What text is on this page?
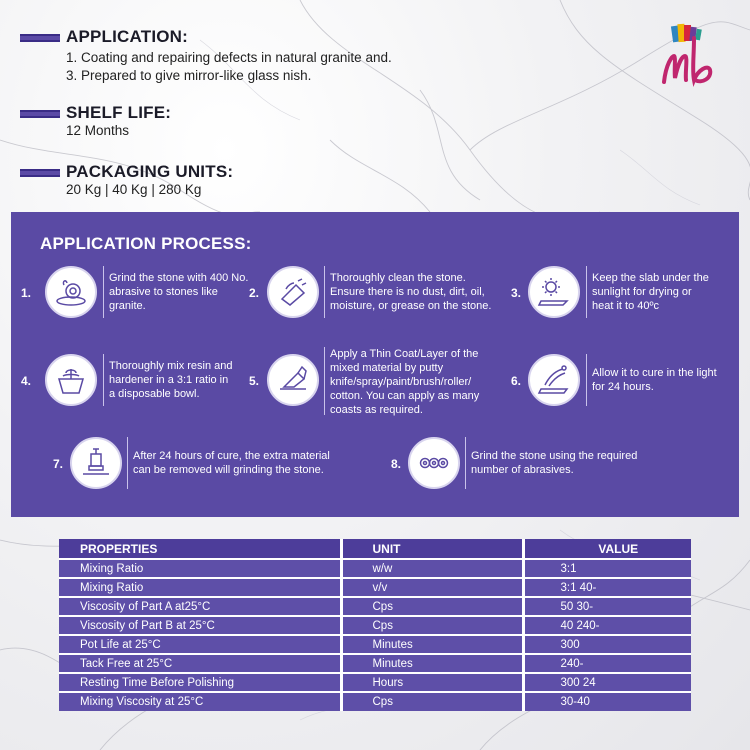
APPLICATION:
1. Coating and repairing defects in natural granite and.
3. Prepared to give mirror-like glass nish.
SHELF LIFE:
12 Months
PACKAGING UNITS:
20 Kg | 40 Kg | 280 Kg
APPLICATION PROCESS:
1.
Grind the stone with 400 No.
abrasive to stones like
granite.
2.
Thoroughly clean the stone.
Ensure there is no dust, dirt, oil,
moisture, or grease on the stone.
3.
Keep the slab under the
sunlight for drying or
heat it to 40ºc
4.
Thoroughly mix resin and
hardener in a 3:1 ratio in
a disposable bowl.
5.
Apply a Thin Coat/Layer of the
mixed material by putty
knife/spray/paint/brush/roller/
cotton. You can apply as many
coasts as required.
6.
Allow it to cure in the light
for 24 hours.
7.
After 24 hours of cure, the extra material
can be removed will grinding the stone.	8.
Grind the stone using the required
number of abrasives.
PROPERTIES	UNIT	VALUE
Mixing Ratio	w/w	3:1
Mixing Ratio	v/v	3:1 40-
Viscosity of Part A at25°C	Cps	50 30-
Viscosity of Part B at 25°C	Cps	40 240-
Pot Life at 25°C	Minutes	300
Tack Free at 25°C	Minutes	240-
Resting Time Before Polishing	Hours	300 24
Mixing Viscosity at 25°C	Cps	30-40
